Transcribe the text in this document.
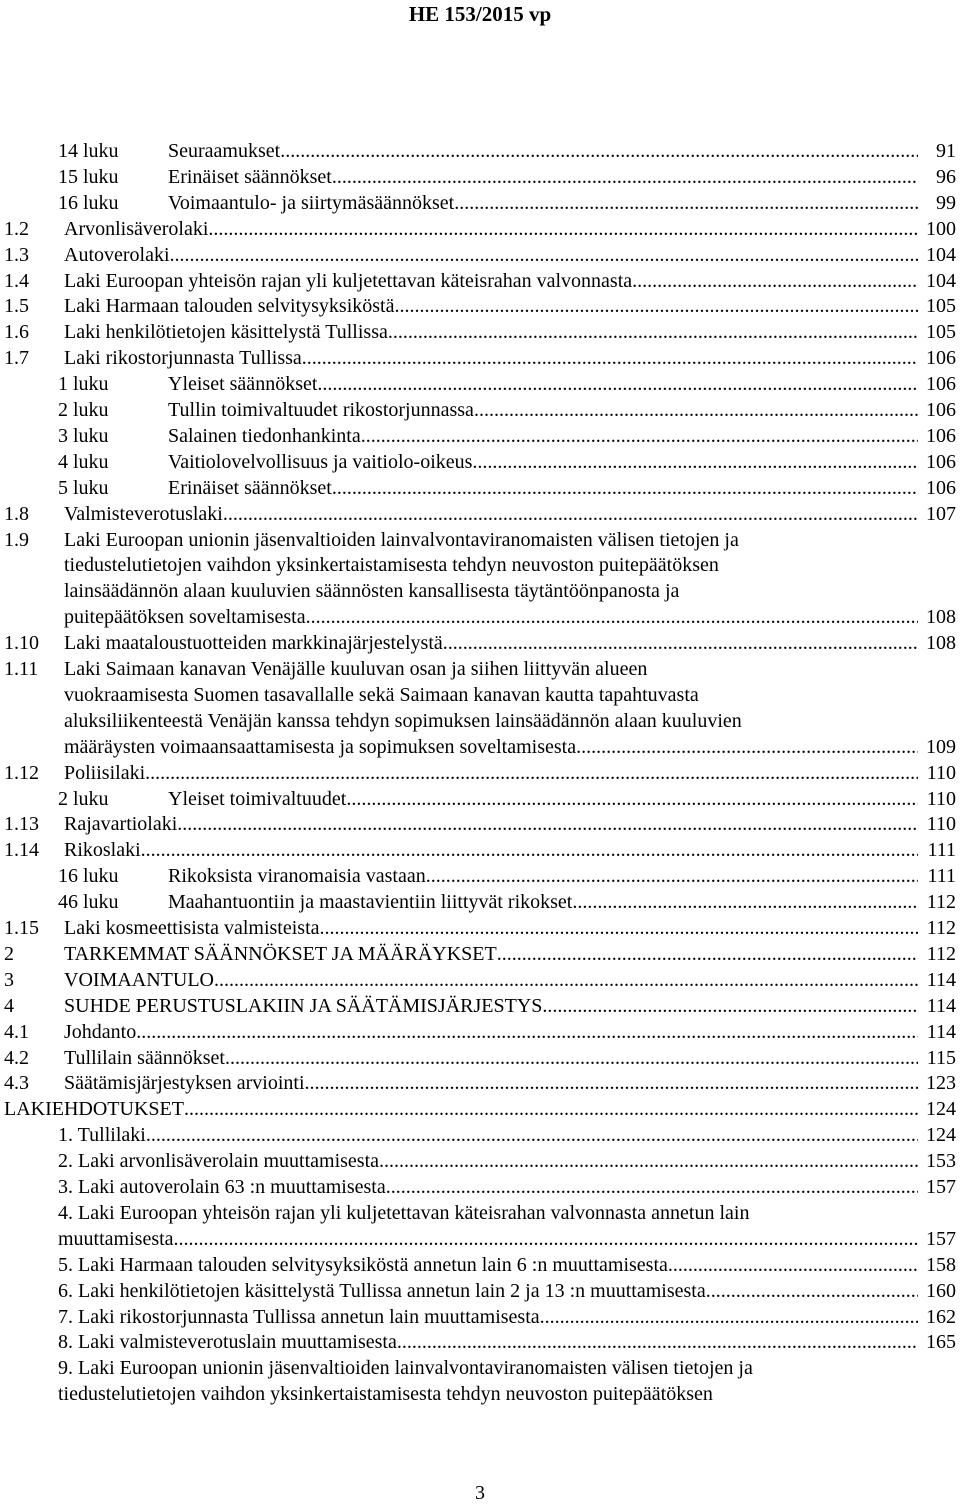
HE 153/2015 vp
14 luku Seuraamukset .....	91
15 luku Erinäiset säännökset .....	96
16 luku Voimaantulo- ja siirtymäsäännökset .....	99
1.2 Arvonlisäverolaki .....	100
1.3 Autoverolaki .....	104
1.4 Laki Euroopan yhteisön rajan yli kuljetettavan käteisrahan valvonnasta .....	104
1.5 Laki Harmaan talouden selvitysyksiköstä .....	105
1.6 Laki henkilötietojen käsittelystä Tullissa .....	105
1.7 Laki rikostorjunnasta Tullissa .....	106
1 luku	Yleiset säännökset .....	106
2 luku	Tullin toimivaltuudet rikostorjunnassa .....	106
3 luku	Salainen tiedonhankinta .....	106
4 luku	Vaitiolovelvollisuus ja vaitiolo-oikeus .....	106
5 luku	Erinäiset säännökset .....	106
1.8 Valmisteverotuslaki .....	107
1.9 Laki Euroopan unionin jäsenvaltioiden lainvalvontaviranomaisten välisen tietojen ja
tiedustelutietojen vaihdon yksinkertaistamisesta tehdyn neuvoston puitepäätöksen
lainsäädännön alaan kuuluvien säännösten kansallisesta täytäntöönpanosta ja
puitepäätöksen soveltamisesta .....	108
1.10 Laki maataloustuotteiden markkinajärjestelystä .....	108
1.11 Laki Saimaan kanavan Venäjälle kuuluvan osan ja siihen liittyvän alueen
vuokraamisesta Suomen tasavallalle sekä Saimaan kanavan kautta tapahtuvasta
aluksiliikenteestä Venäjän kanssa tehdyn sopimuksen lainsäädännön alaan kuuluvien
määräysten voimaansaattamisesta ja sopimuksen soveltamisesta .....	109
1.12 Poliisilaki .....	110
2 luku	Yleiset toimivaltuudet .....	110
1.13 Rajavartiolaki .....	110
1.14 Rikoslaki .....	111
16 luku Rikoksista viranomaisia vastaan .....	111
46 luku Maahantuontiin ja maastavientiin liittyvät rikokset .....	112
1.15 Laki kosmeettisista valmisteista .....	112
2	TARKEMMAT SÄÄNNÖKSET JA MÄÄRÄYKSET .....	112
3	VOIMAANTULO .....	114
4	SUHDE PERUSTUSLAKIIN JA SÄÄTÄMISJÄRJESTYS .....	114
4.1 Johdanto .....	114
4.2 Tullilain säännökset .....	115
4.3 Säätämisjärjestyksen arviointi .....	123
LAKIEHDOTUKSET .....	124
1. Tullilaki .....	124
2. Laki arvonlisäverolain muuttamisesta .....	153
3. Laki autoverolain 63 :n muuttamisesta .....	157
4. Laki Euroopan yhteisön rajan yli kuljetettavan käteisrahan valvonnasta annetun lain
muuttamisesta .....	157
5. Laki Harmaan talouden selvitysyksiköstä annetun lain 6 :n muuttamisesta .....	158
6. Laki henkilötietojen käsittelystä Tullissa annetun lain 2 ja 13 :n muuttamisesta .....	160
7. Laki rikostorjunnasta Tullissa annetun lain muuttamisesta .....	162
8. Laki valmisteverotuslain muuttamisesta .....	165
9. Laki Euroopan unionin jäsenvaltioiden lainvalvontaviranomaisten välisen tietojen ja
tiedustelutietojen vaihdon yksinkertaistamisesta tehdyn neuvoston puitepäätöksen
3
